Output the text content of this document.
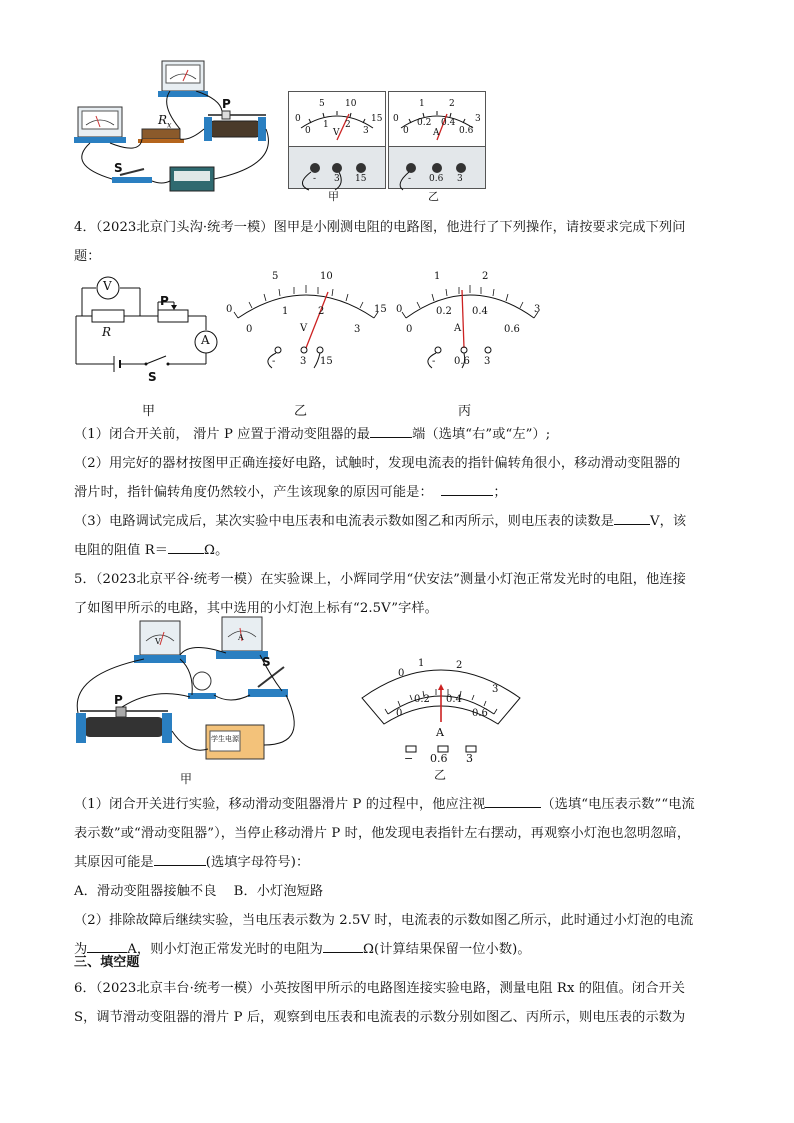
P
$R_x$
S
0
5 10
15
0
1 2
3
V
- 3 15
甲
0
1	2
3
0
0.2 0.4
0.6
A
- 0.6 3
乙
4．（2023北京门头沟·统考一模）图甲是小刚测电阻的电路图，他进行了下列操作，请按要求完成下列问
题：
V
A
R
P
S
0
5	10
15
0
1	2
3
V
- 3 15
0
1	2
3
0
0.2 0.4
0.6
A
- 0.6 3
甲	乙	丙
（1）闭合开关前， 滑片 P 应置于滑动变阻器的最	端（选填“右”或“左”）;
（2）用完好的器材按图甲正确连接好电路，试触时，发现电流表的指针偏转角很小，移动滑动变阻器的
滑片时，指针偏转角度仍然较小，产生该现象的原因可能是：	；
（3）电路调试完成后，某次实验中电压表和电流表示数如图乙和丙所示，则电压表的读数是	V，该
电阻的阻值 R＝	Ω。
5．（2023北京平谷·统考一模）在实验课上，小辉同学用“伏安法”测量小灯泡正常发光时的电阻，他连接
了如图甲所示的电路，其中选用的小灯泡上标有“2.5V”字样。
V	A
S
P
学生电源
甲
0
1	2
3
0
0.2 0.4
0.6
A
− 0.6 3
乙
（1）闭合开关进行实验，移动滑动变阻器滑片 P 的过程中，他应注视	（选填“电压表示数”“电流
表示数”或“滑动变阻器”），当停止移动滑片 P 时，他发现电表指针左右摆动，再观察小灯泡也忽明忽暗，
其原因可能是	(选填字母符号)：
A．滑动变阻器接触不良    B．小灯泡短路
（2）排除故障后继续实验，当电压表示数为 2.5V 时，电流表的示数如图乙所示，此时通过小灯泡的电流
为	A，则小灯泡正常发光时的电阻为	Ω(计算结果保留一位小数)。
三、填空题
6．（2023北京丰台·统考一模）小英按图甲所示的电路图连接实验电路，测量电阻 Rx 的阻值。闭合开关
S，调节滑动变阻器的滑片 P 后，观察到电压表和电流表的示数分别如图乙、丙所示，则电压表的示数为
